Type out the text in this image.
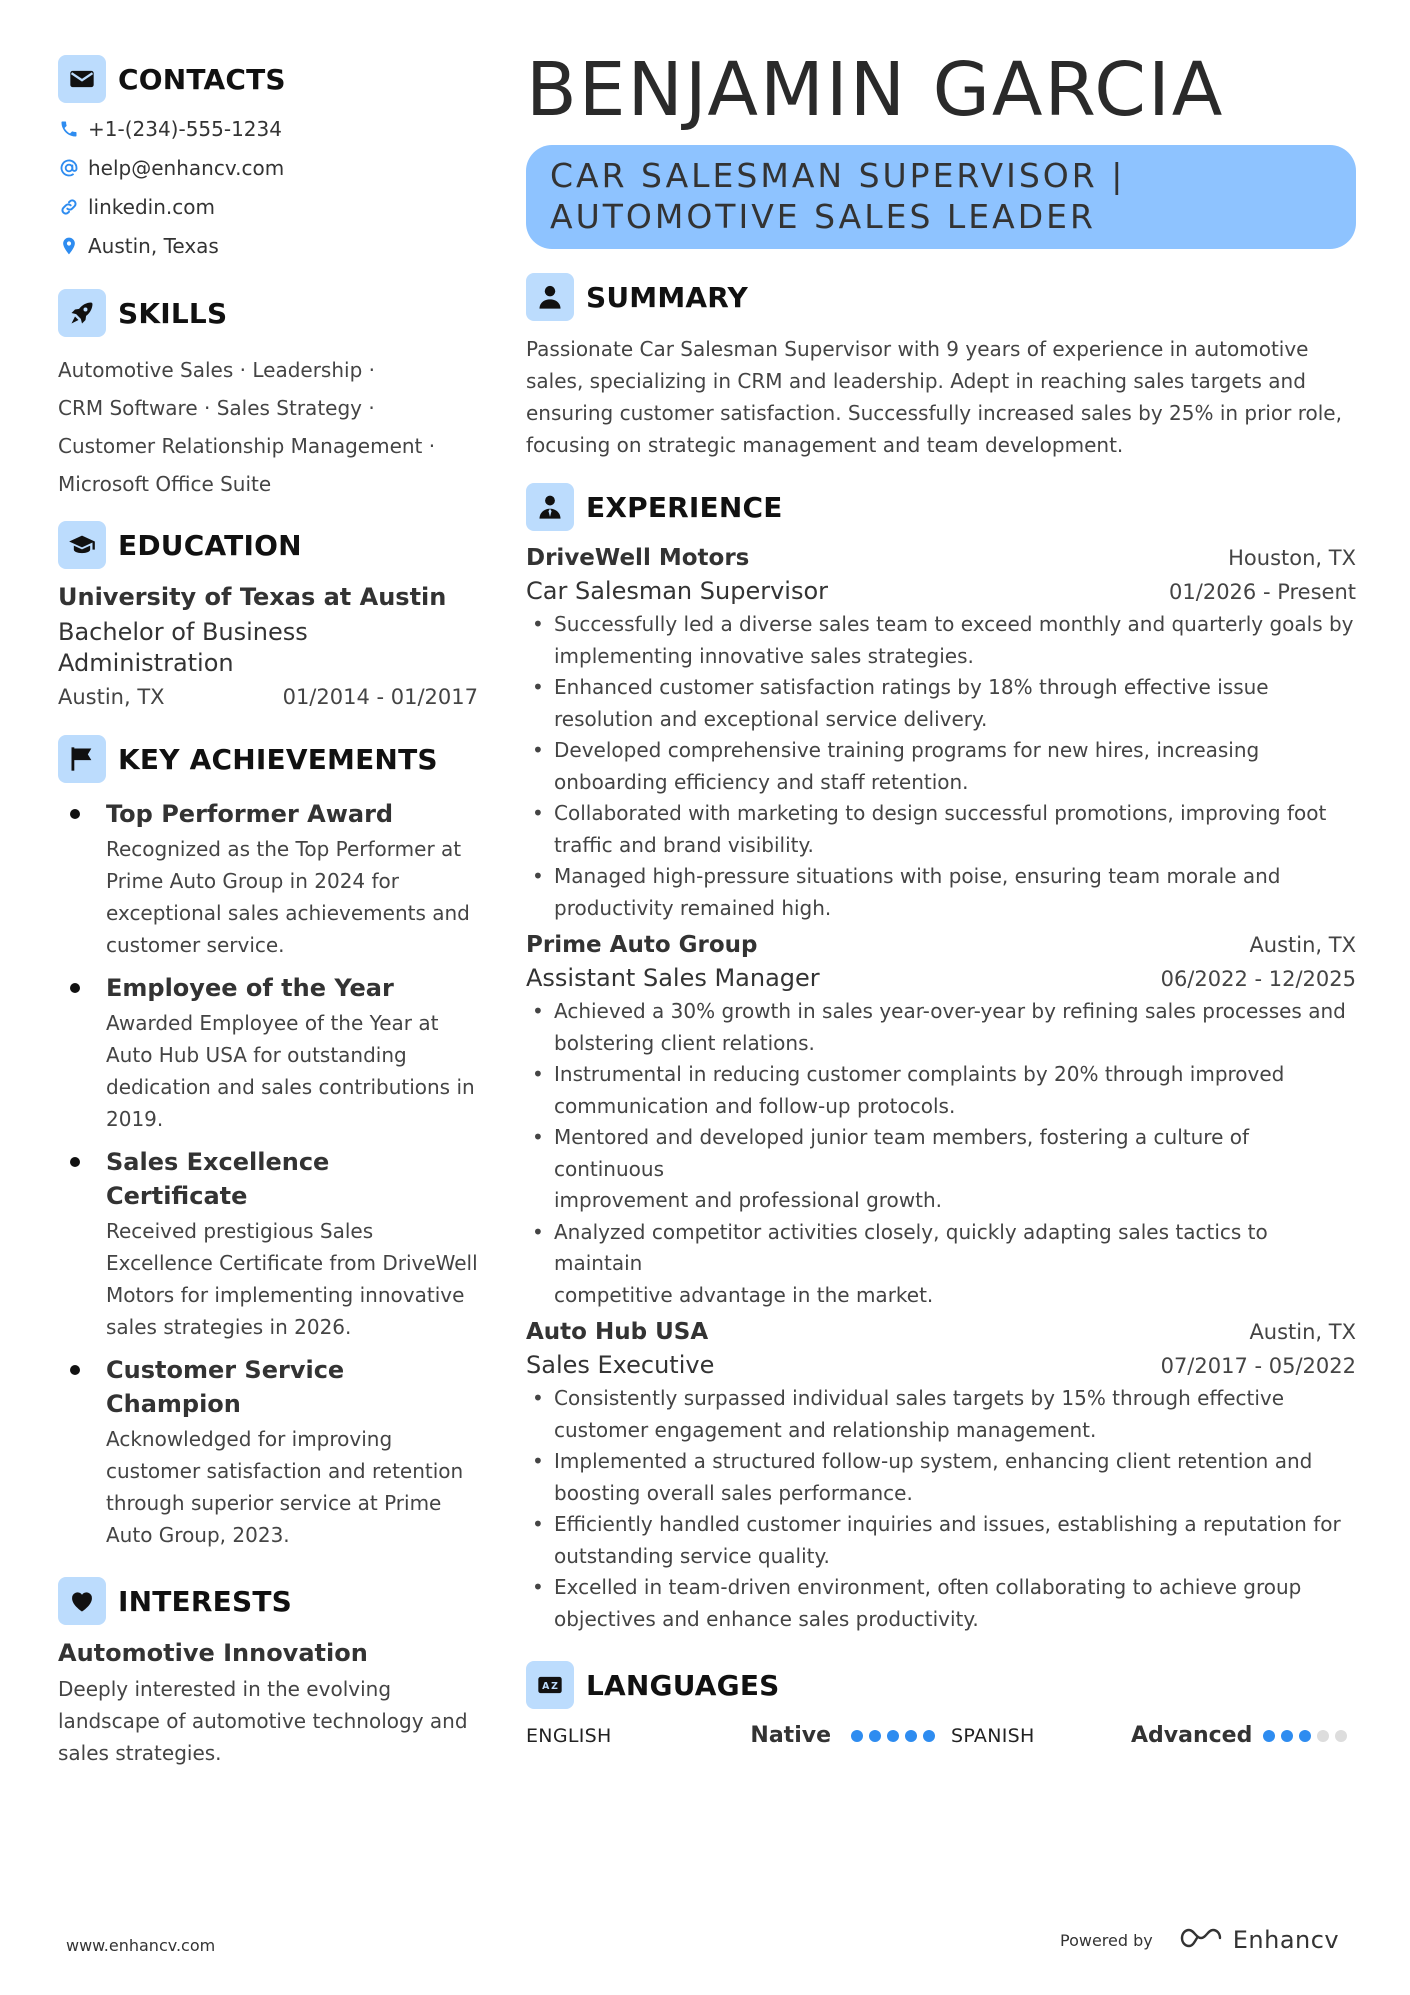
CONTACTS
+1-(234)-555-1234
help@enhancv.com
linkedin.com
Austin, Texas
SKILLS
Automotive Sales · Leadership ·
CRM Software · Sales Strategy ·
Customer Relationship Management ·
Microsoft Office Suite
EDUCATION
University of Texas at Austin
Bachelor of Business
Administration
Austin, TX	01/2014 - 01/2017
KEY ACHIEVEMENTS
Top Performer Award
Recognized as the Top Performer at
Prime Auto Group in 2024 for
exceptional sales achievements and
customer service.
Employee of the Year
Awarded Employee of the Year at
Auto Hub USA for outstanding
dedication and sales contributions in
2019.
Sales Excellence Certificate
Received prestigious Sales
Excellence Certificate from DriveWell
Motors for implementing innovative
sales strategies in 2026.
Customer Service Champion
Acknowledged for improving
customer satisfaction and retention
through superior service at Prime
Auto Group, 2023.
INTERESTS
Automotive Innovation
Deeply interested in the evolving
landscape of automotive technology and
sales strategies.
BENJAMIN GARCIA
CAR SALESMAN SUPERVISOR |
AUTOMOTIVE SALES LEADER
SUMMARY
Passionate Car Salesman Supervisor with 9 years of experience in automotive
sales, specializing in CRM and leadership. Adept in reaching sales targets and
ensuring customer satisfaction. Successfully increased sales by 25% in prior role,
focusing on strategic management and team development.
EXPERIENCE
DriveWell Motors	Houston, TX
Car Salesman Supervisor	01/2026 - Present
• Successfully led a diverse sales team to exceed monthly and quarterly goals by
implementing innovative sales strategies.
• Enhanced customer satisfaction ratings by 18% through effective issue
resolution and exceptional service delivery.
• Developed comprehensive training programs for new hires, increasing
onboarding efficiency and staff retention.
• Collaborated with marketing to design successful promotions, improving foot
traffic and brand visibility.
• Managed high-pressure situations with poise, ensuring team morale and
productivity remained high.
Prime Auto Group	Austin, TX
Assistant Sales Manager	06/2022 - 12/2025
• Achieved a 30% growth in sales year-over-year by refining sales processes and
bolstering client relations.
• Instrumental in reducing customer complaints by 20% through improved
communication and follow-up protocols.
• Mentored and developed junior team members, fostering a culture of continuous
improvement and professional growth.
• Analyzed competitor activities closely, quickly adapting sales tactics to maintain
competitive advantage in the market.
Auto Hub USA	Austin, TX
Sales Executive	07/2017 - 05/2022
• Consistently surpassed individual sales targets by 15% through effective
customer engagement and relationship management.
• Implemented a structured follow-up system, enhancing client retention and
boosting overall sales performance.
• Efficiently handled customer inquiries and issues, establishing a reputation for
outstanding service quality.
• Excelled in team-driven environment, often collaborating to achieve group
objectives and enhance sales productivity.
A Z LANGUAGES
ENGLISH	Native	SPANISH	Advanced
www.enhancv.com	Powered by	Enhancv
